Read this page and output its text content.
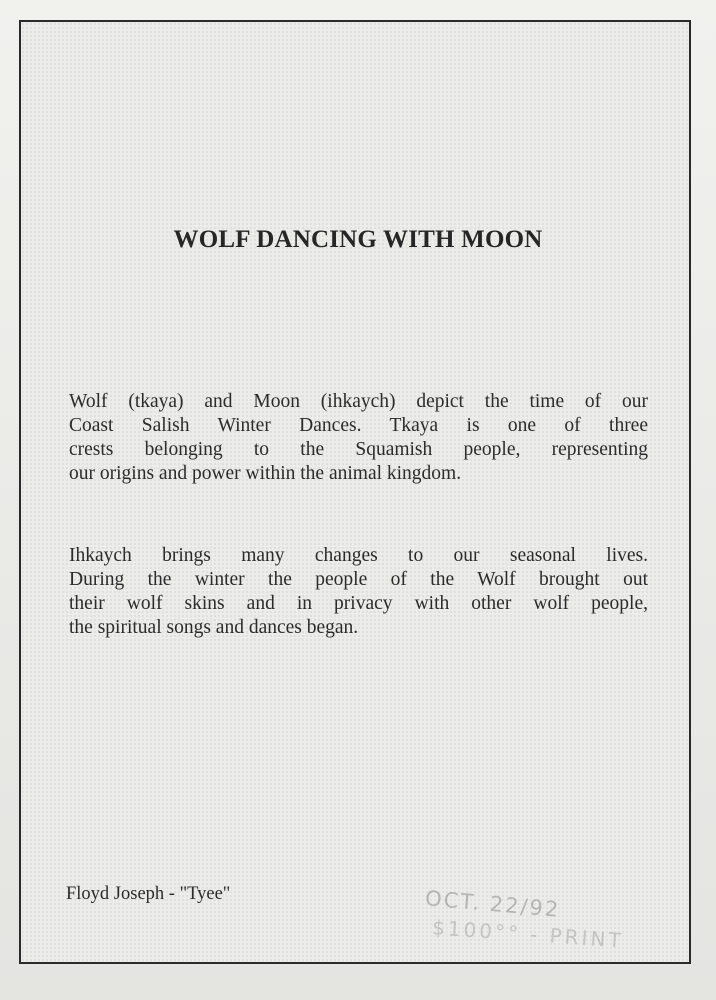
WOLF DANCING WITH MOON

Wolf (tkaya) and Moon (ihkaych) depict the time of our
Coast Salish Winter Dances. Tkaya is one of three
crests belonging to the Squamish people, representing
our origins and power within the animal kingdom.

Ihkaych brings many changes to our seasonal lives.
During the winter the people of the Wolf brought out
their wolf skins and in privacy with other wolf people,
the spiritual songs and dances began.

Floyd Joseph - "Tyee"	OCT. 22/92

$100°° - PRINT
